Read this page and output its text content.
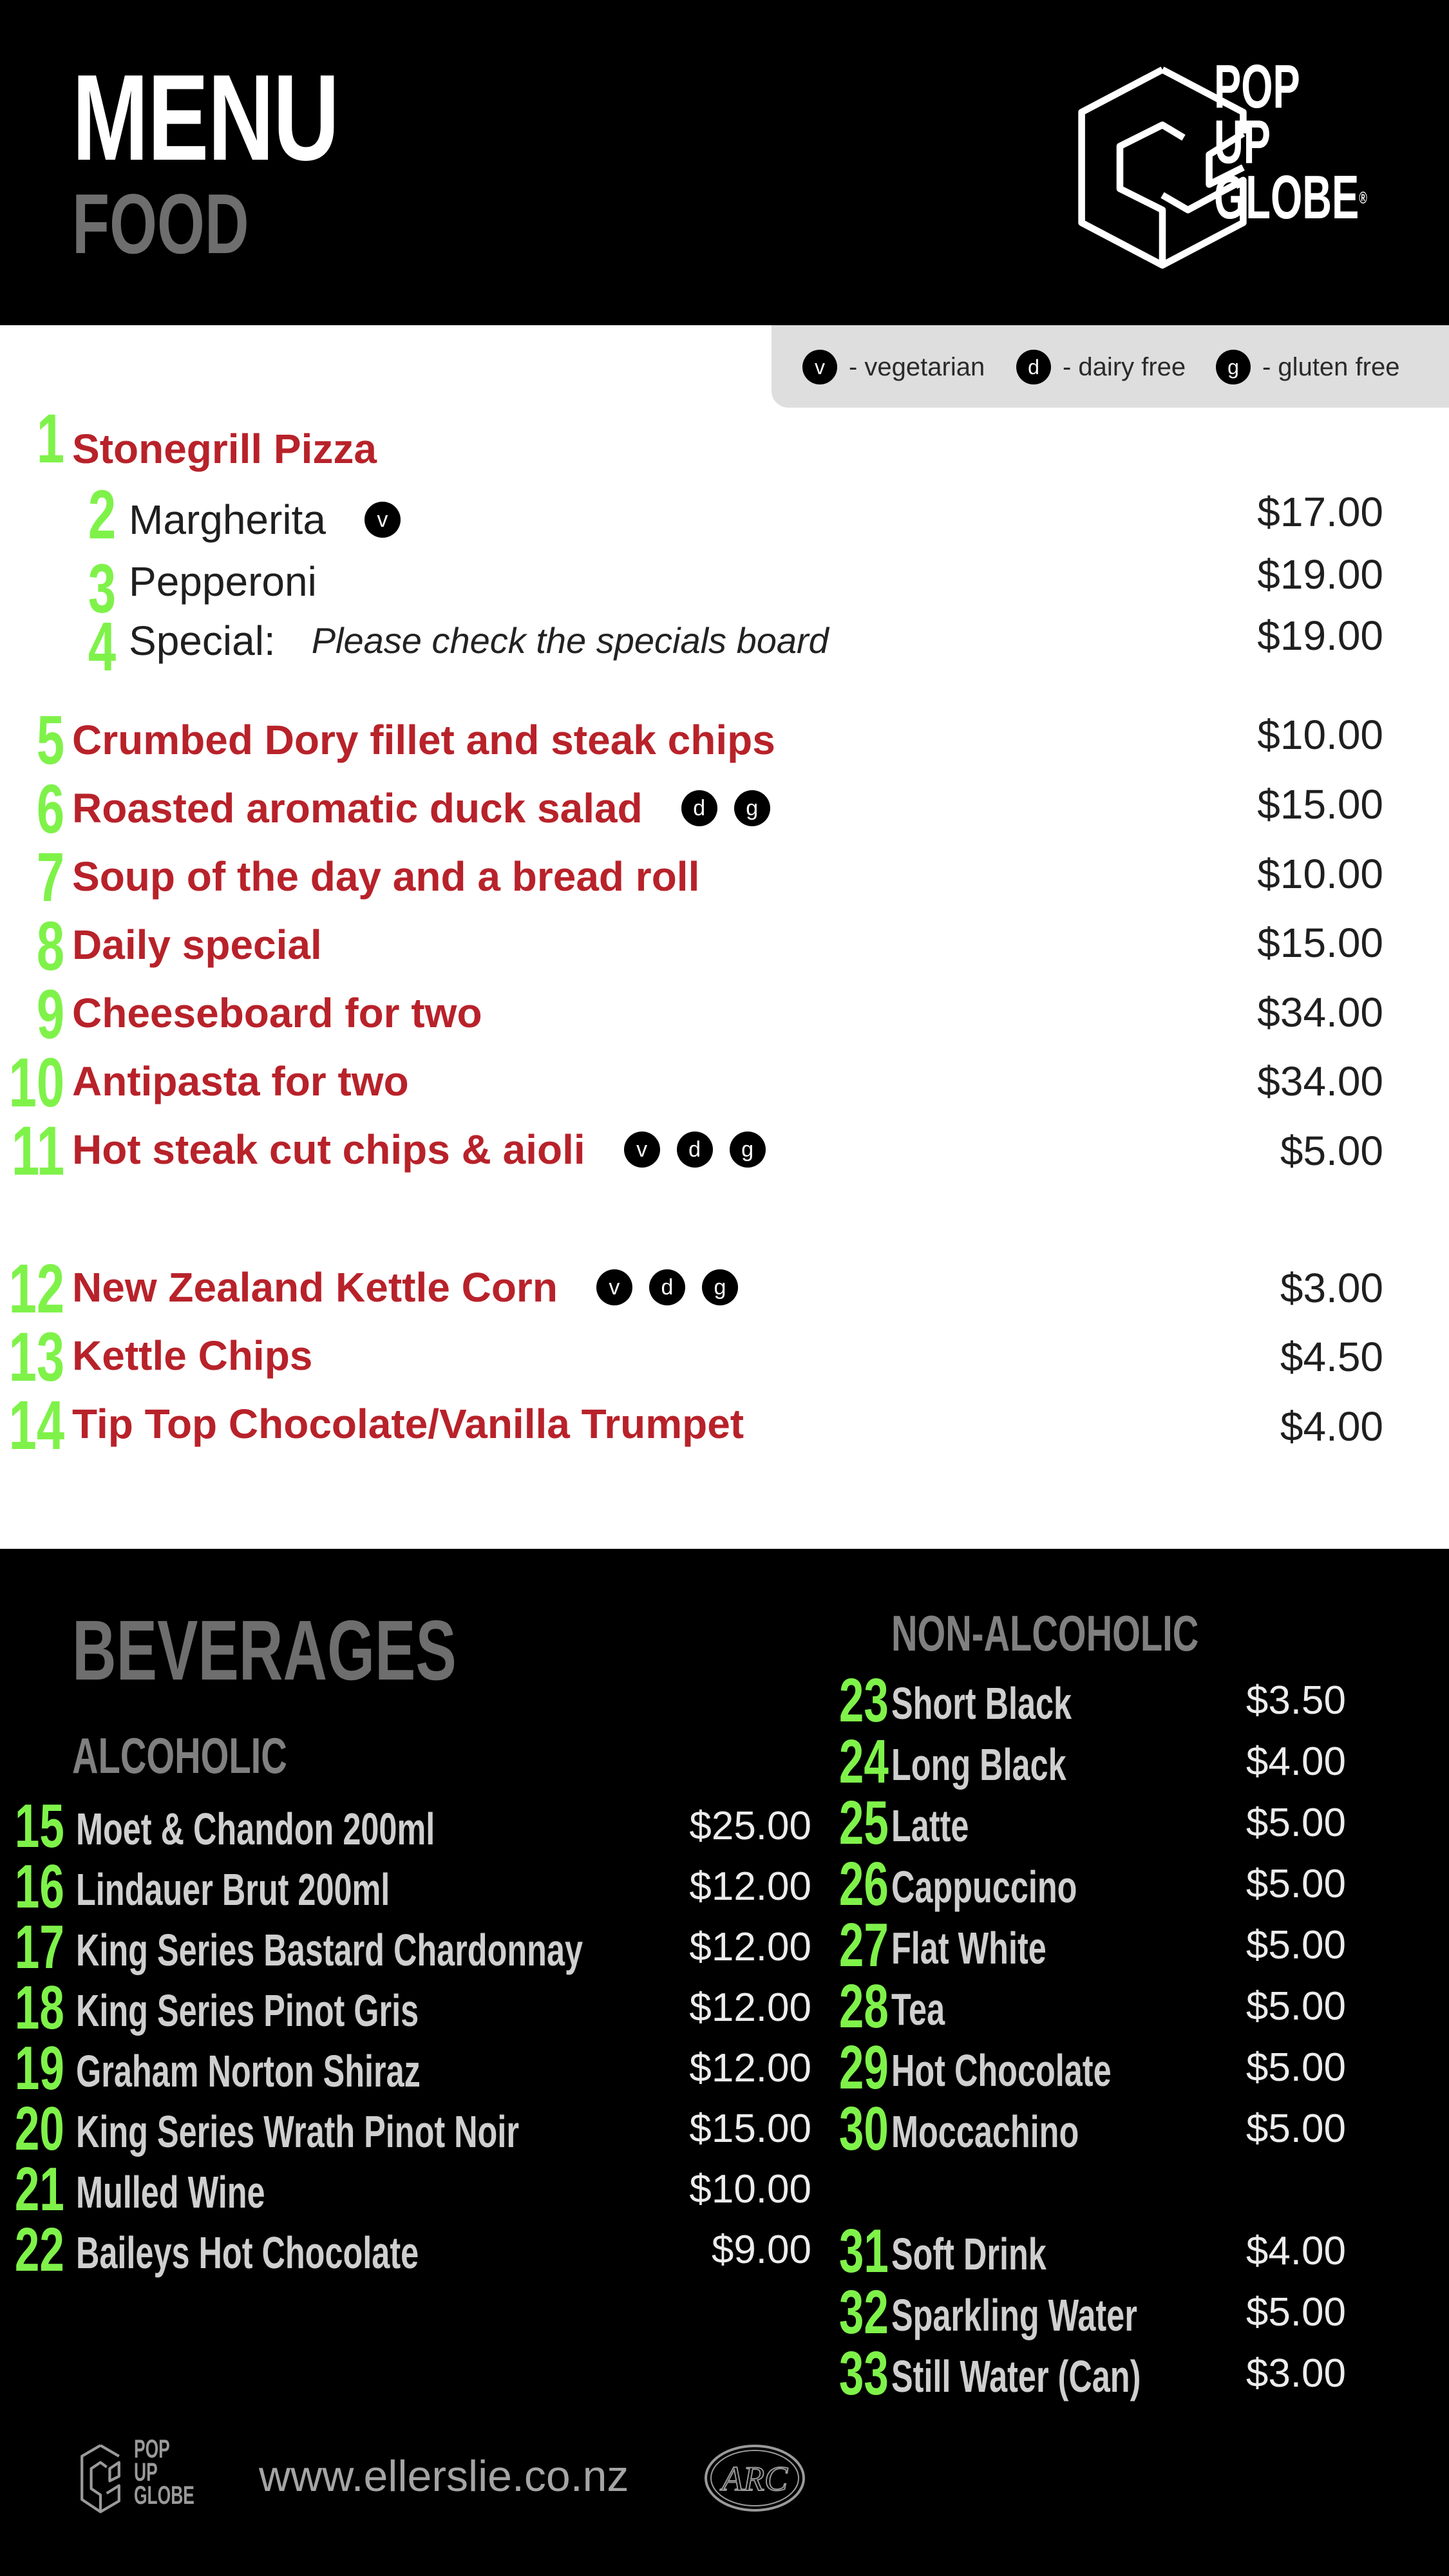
MENU
FOOD
POP
UP
GLOBE®
v - vegetarian	d - dairy free	g - gluten free
1 Stonegrill Pizza
2 Margherita	v	$17.00
3 Pepperoni	$19.00
4 Special: Please check the specials board	$19.00
5 Crumbed Dory fillet and steak chips	$10.00
6 Roasted aromatic duck salad	d	g	$15.00
7 Soup of the day and a bread roll	$10.00
8 Daily special	$15.00
9 Cheeseboard for two	$34.00
10 Antipasta for two	$34.00
11 Hot steak cut chips & aioli	v	d	g	$5.00
12 New Zealand Kettle Corn	v	d	g	$3.00
13 Kettle Chips	$4.50
14 Tip Top Chocolate/Vanilla Trumpet	$4.00
BEVERAGES
ALCOHOLIC
NON-ALCOHOLIC
15 Moet & Chandon 200ml	$25.00
16 Lindauer Brut 200ml	$12.00
17 King Series Bastard Chardonnay	$12.00
18 King Series Pinot Gris	$12.00
19 Graham Norton Shiraz	$12.00
20 King Series Wrath Pinot Noir	$15.00
21 Mulled Wine	$10.00
22 Baileys Hot Chocolate	$9.00
23 Short Black	$3.50
24 Long Black	$4.00
25 Latte	$5.00
26 Cappuccino	$5.00
27 Flat White	$5.00
28 Tea	$5.00
29 Hot Chocolate	$5.00
30 Moccachino	$5.00
31 Soft Drink	$4.00
32 Sparkling Water	$5.00
33 Still Water (Can)	$3.00
POP
UP
GLOBE www.ellerslie.co.nz	ARC
